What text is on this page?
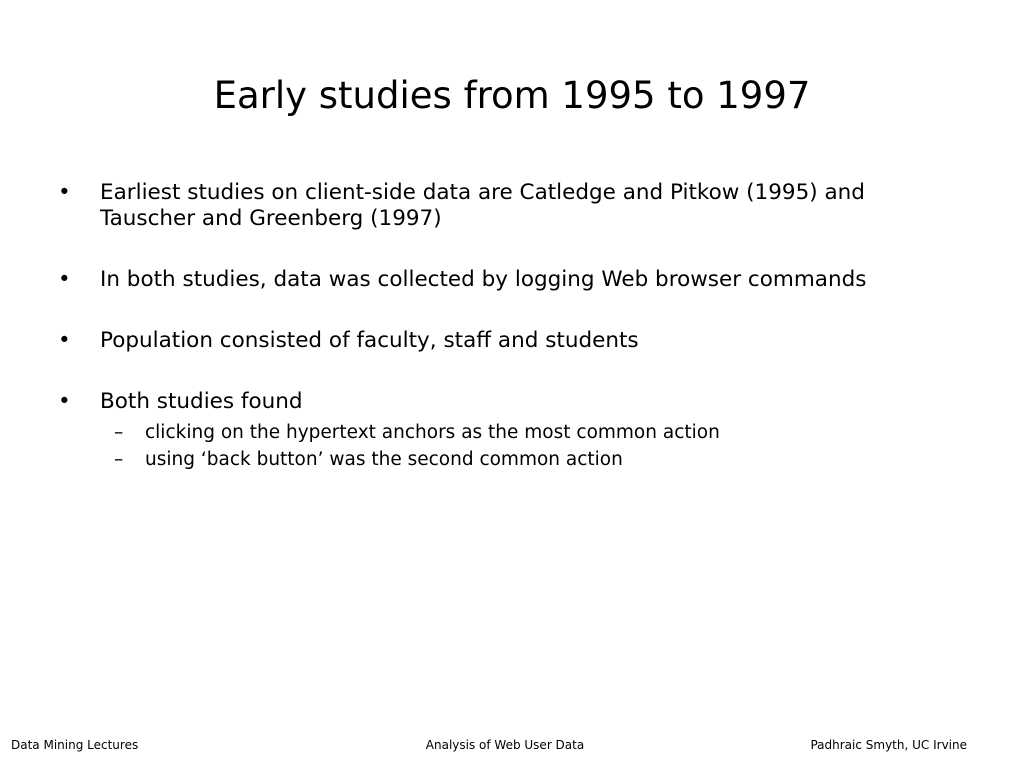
Early studies from 1995 to 1997
•	Earliest studies on client-side data are Catledge and Pitkow (1995) and Tauscher and Greenberg (1997)
•	In both studies, data was collected by logging Web browser commands
•	Population consisted of faculty, staff and students
•	Both studies found
–	clicking on the hypertext anchors as the most common action
–	using ‘back button’ was the second common action
Data Mining Lectures	Analysis of Web User Data	Padhraic Smyth, UC Irvine
